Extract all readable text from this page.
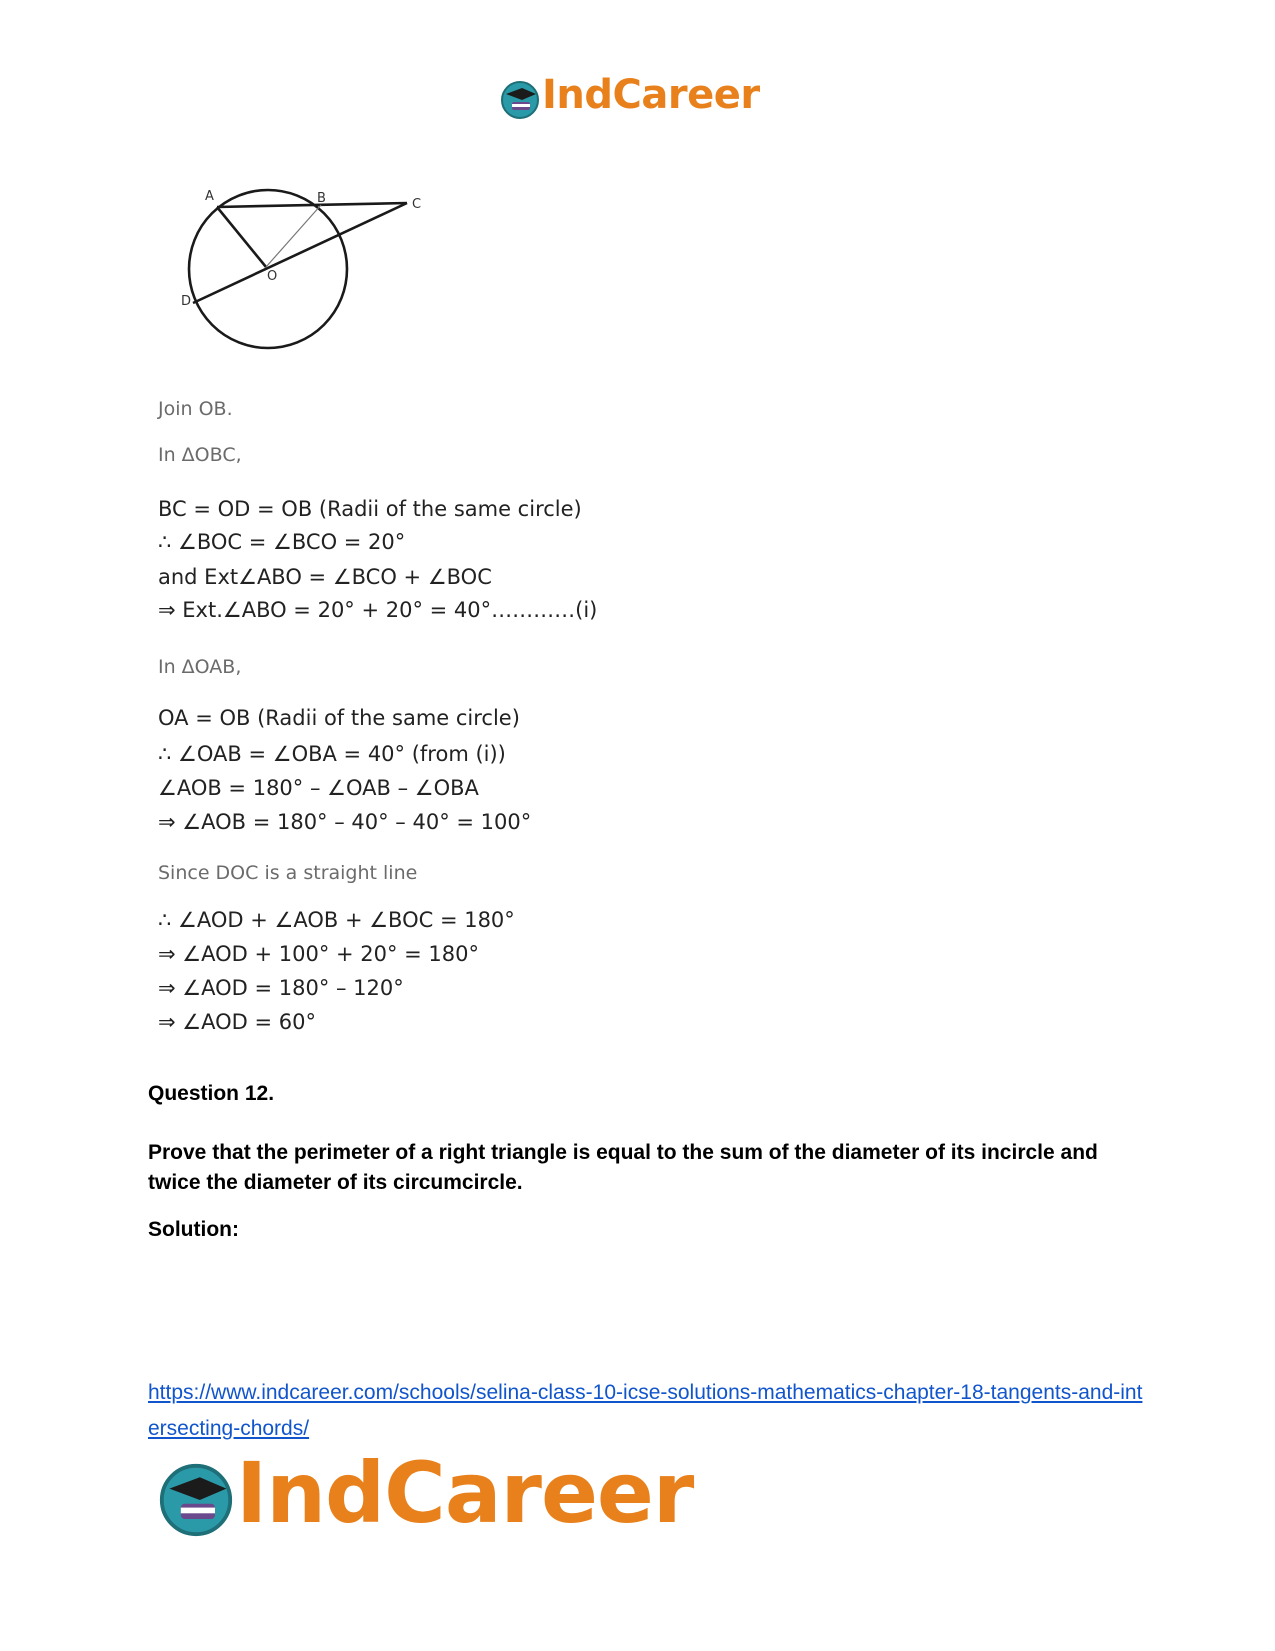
IndCareer
A	B	C
O
D
Join OB.
In ΔOBC,
BC = OD = OB (Radii of the same circle)
∴ ∠BOC = ∠BCO = 20°
and Ext∠ABO = ∠BCO + ∠BOC
⇒ Ext.∠ABO = 20° + 20° = 40°…………(i)
In ΔOAB,
OA = OB (Radii of the same circle)
∴ ∠OAB = ∠OBA = 40° (from (i))
∠AOB = 180° – ∠OAB – ∠OBA
⇒ ∠AOB = 180° – 40° – 40° = 100°
Since DOC is a straight line
∴ ∠AOD + ∠AOB + ∠BOC = 180°
⇒ ∠AOD + 100° + 20° = 180°
⇒ ∠AOD = 180° – 120°
⇒ ∠AOD = 60°
Question 12.
Prove that the perimeter of a right triangle is equal to the sum of the diameter of its incircle and twice the diameter of its circumcircle.
Solution:
https://www.indcareer.com/schools/selina-class-10-icse-solutions-mathematics-chapter-18-tangents-and-intersecting-chords/
IndCareer
